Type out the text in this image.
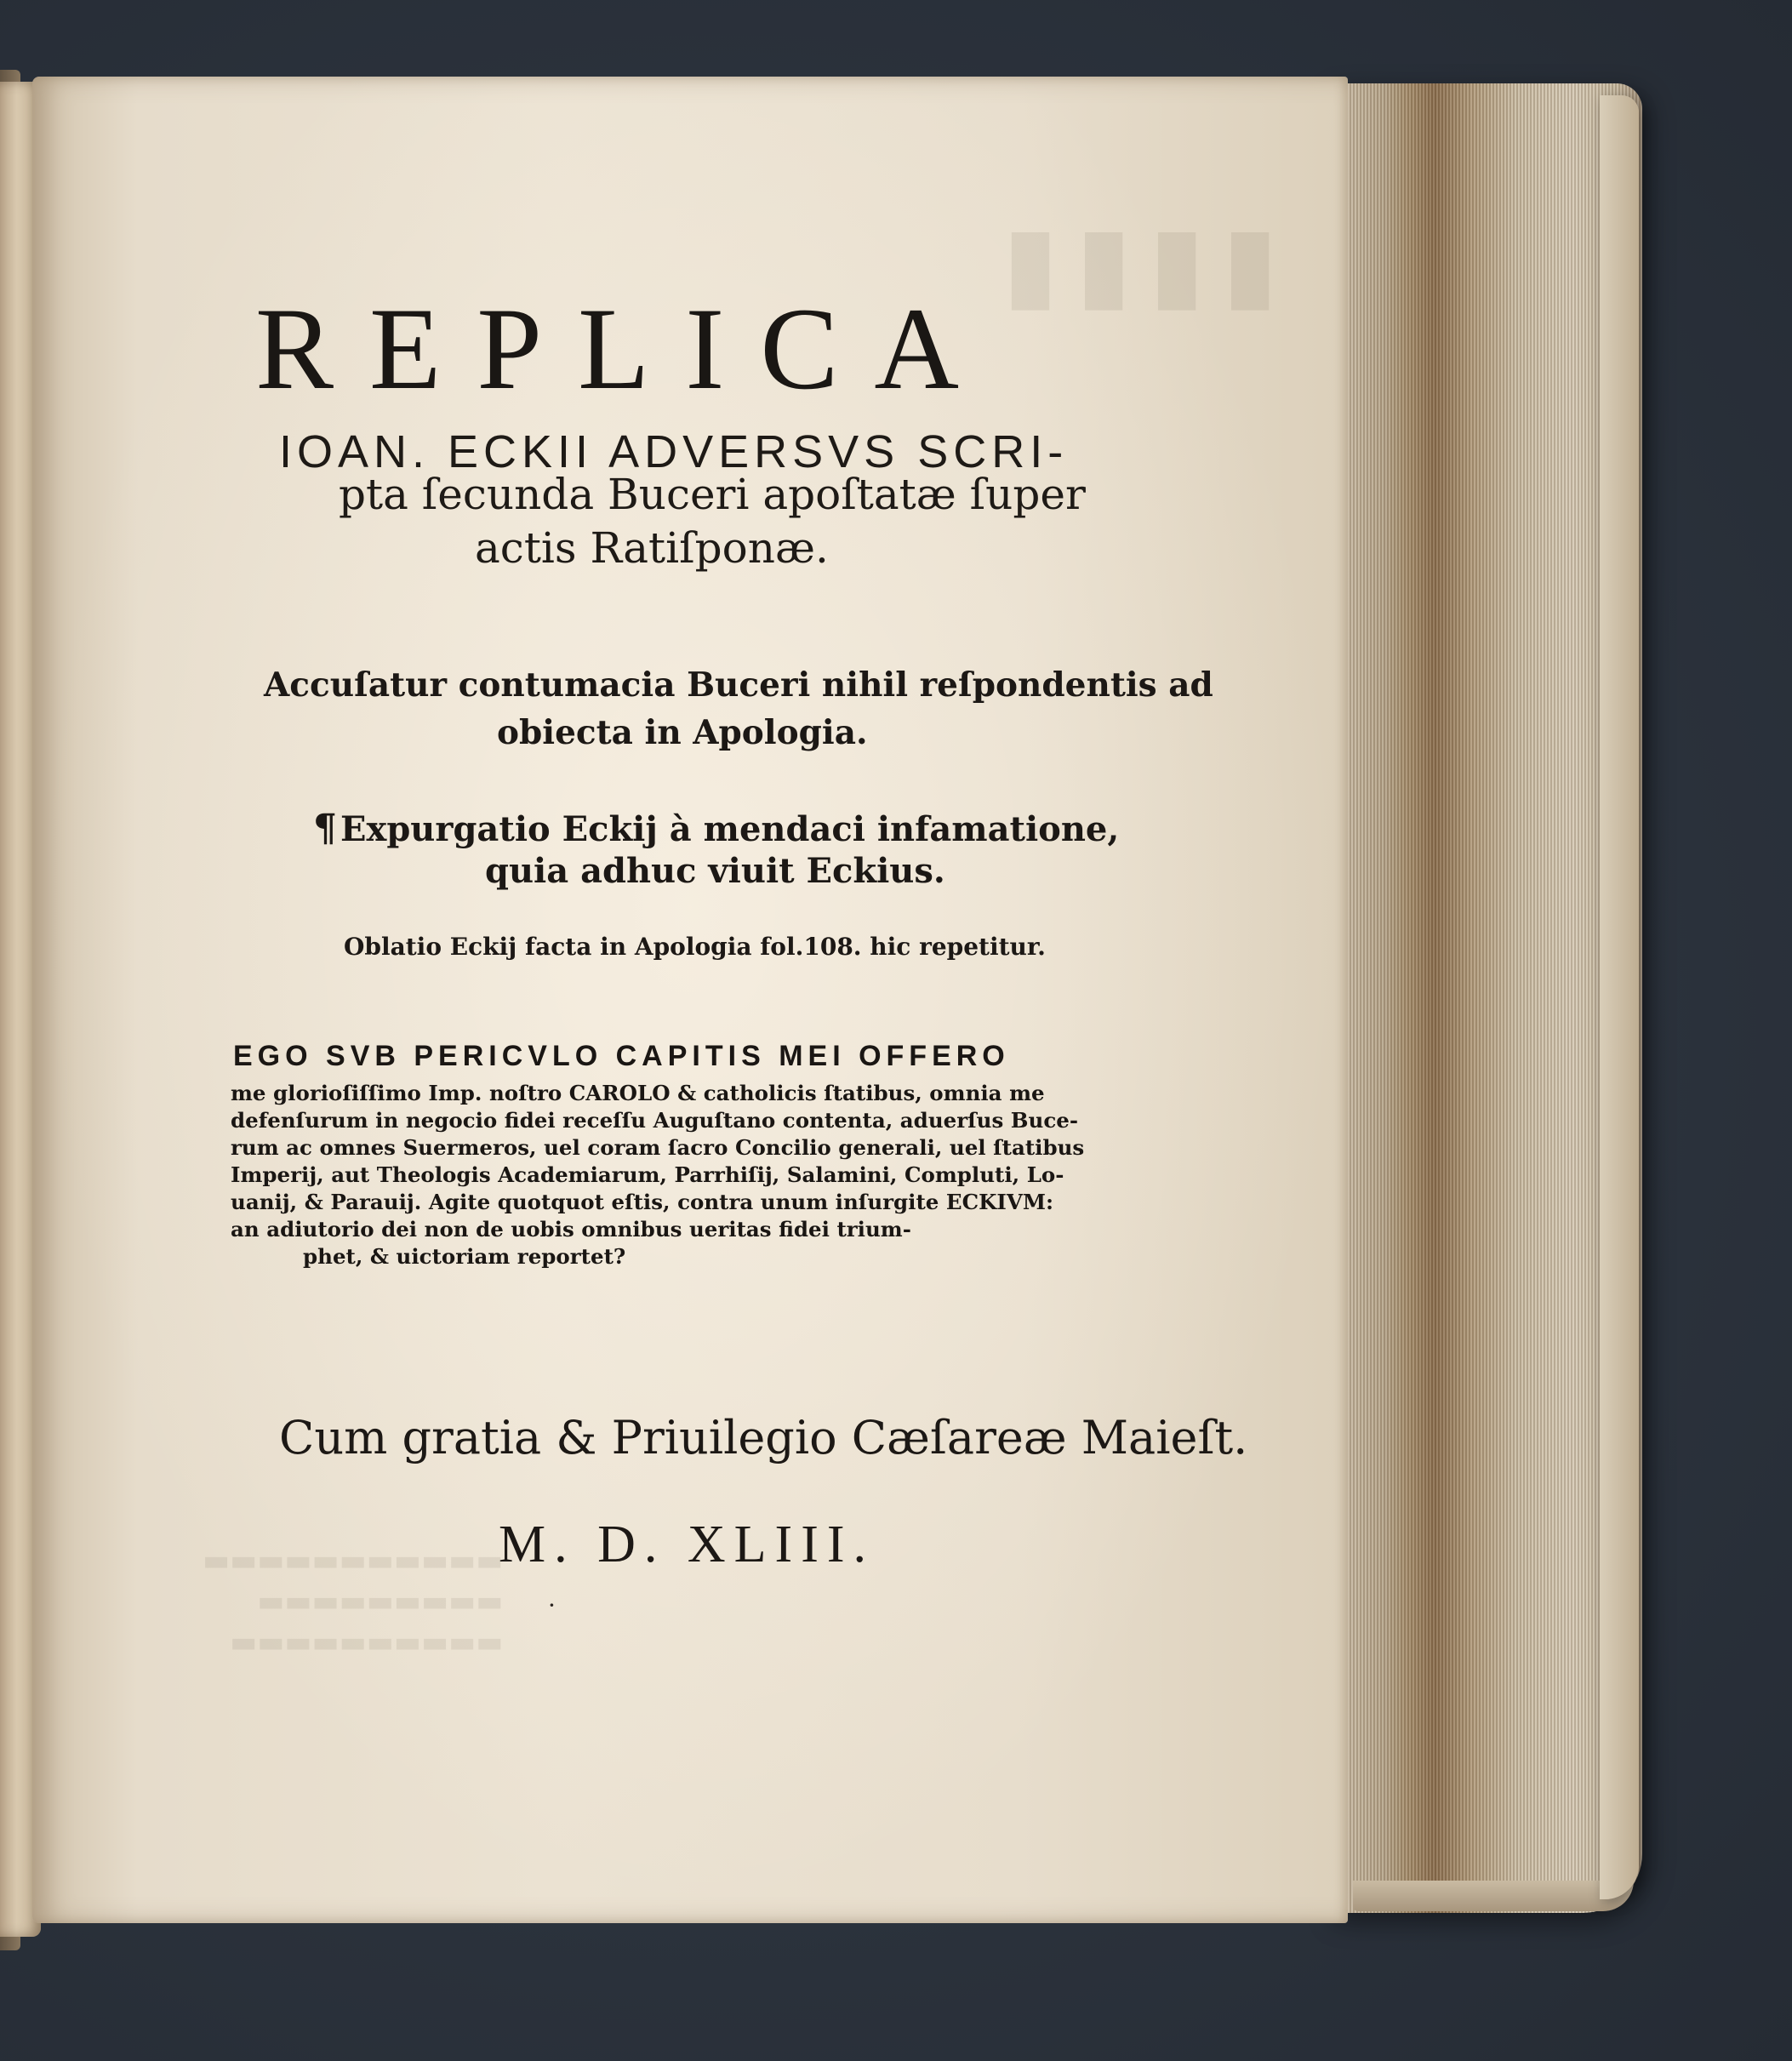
▮▮▮▮
▬▬▬▬▬▬▬▬▬▬▬
▬▬▬▬▬▬▬▬▬
▬▬▬▬▬▬▬▬▬▬
REPLICA
IOAN. ECKII ADVERSVS SCRI-
pta ſecunda Buceri apoſtatæ ſuper
actis Ratiſponæ.
Accuſatur contumacia Buceri nihil reſpondentis ad
obiecta in Apologia.
¶ Expurgatio Eckij à mendaci infamatione,
quia adhuc viuit Eckius.
Oblatio Eckij facta in Apologia fol.108. hic repetitur.
EGO SVB PERICVLO CAPITIS MEI OFFERO
me glorioſiſſimo Imp. noſtro CAROLO & catholicis ſtatibus, omnia me
defenſurum in negocio fidei receſſu Auguſtano contenta, aduerſus Buce-
rum ac omnes Suermeros, uel coram ſacro Concilio generali, uel ſtatibus
Imperij, aut Theologis Academiarum, Parrhiſij, Salamini, Compluti, Lo-
uanij, & Parauij. Agite quotquot eſtis, contra unum inſurgite ECKIVM:
an adiutorio dei non de uobis omnibus ueritas fidei trium-
phet, & uictoriam reportet?
Cum gratia & Priuilegio Cæſareæ Maieſt.
M. D. XLIII.
·
